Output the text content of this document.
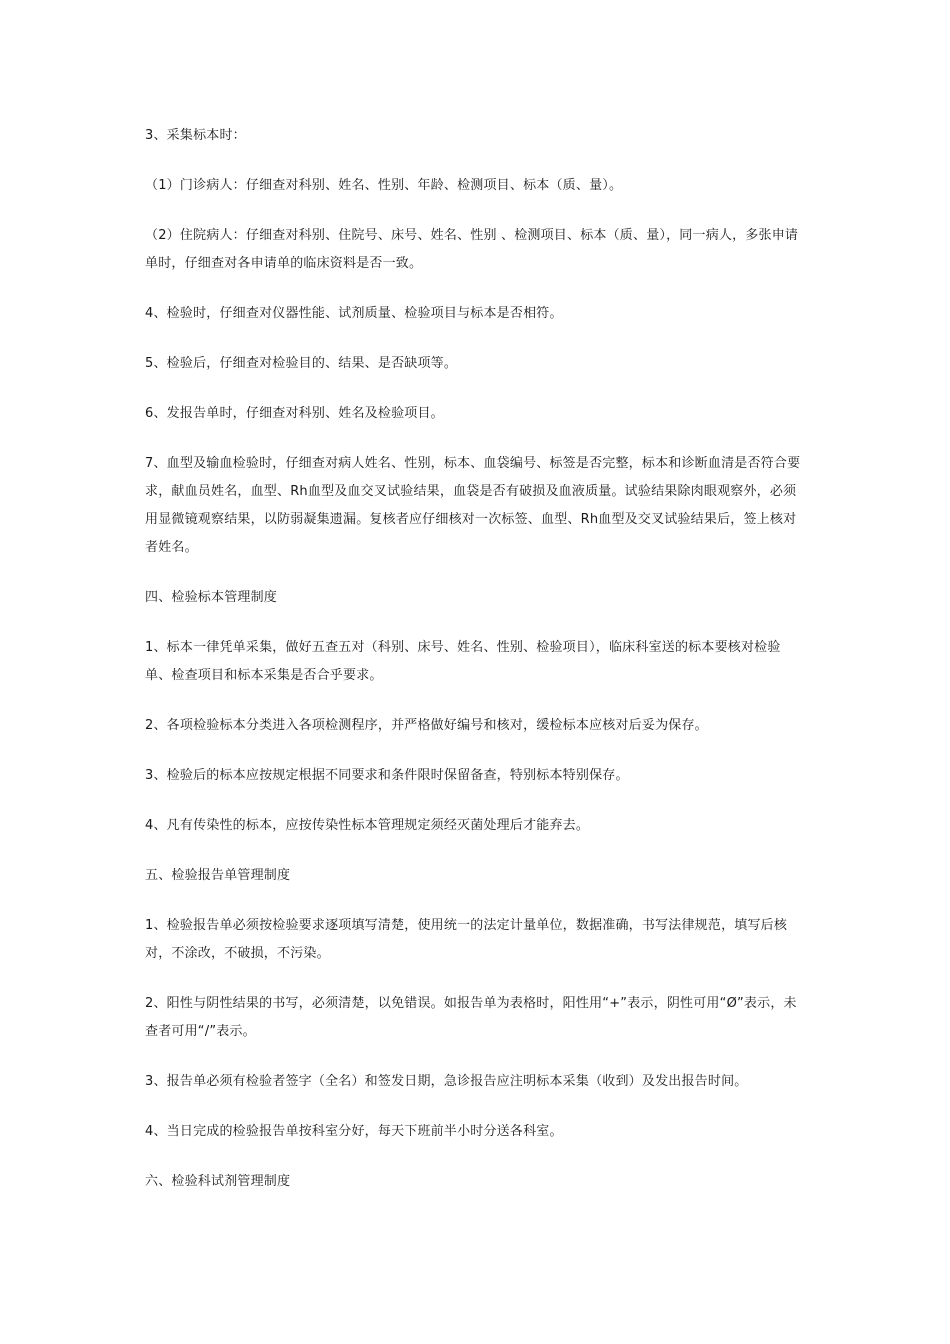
3、采集标本时：

（1）门诊病人：仔细查对科别、姓名、性别、年龄、检测项目、标本（质、量）。

（2）住院病人：仔细查对科别、住院号、床号、姓名、性别 、检测项目、标本（质、量），同一病人，多张申请单时，仔细查对各申请单的临床资料是否一致。

4、检验时，仔细查对仪器性能、试剂质量、检验项目与标本是否相符。

5、检验后，仔细查对检验目的、结果、是否缺项等。

6、发报告单时，仔细查对科别、姓名及检验项目。

7、血型及输血检验时，仔细查对病人姓名、性别，标本、血袋编号、标签是否完整，标本和诊断血清是否符合要求，献血员姓名，血型、Rh血型及血交叉试验结果，血袋是否有破损及血液质量。试验结果除肉眼观察外，必须用显微镜观察结果，以防弱凝集遗漏。复核者应仔细核对一次标签、血型、Rh血型及交叉试验结果后，签上核对者姓名。

四、检验标本管理制度

1、标本一律凭单采集，做好五查五对（科别、床号、姓名、性别、检验项目），临床科室送的标本要核对检验单、检查项目和标本采集是否合乎要求。

2、各项检验标本分类进入各项检测程序，并严格做好编号和核对，缓检标本应核对后妥为保存。

3、检验后的标本应按规定根据不同要求和条件限时保留备查，特别标本特别保存。

4、凡有传染性的标本，应按传染性标本管理规定须经灭菌处理后才能弃去。

五、检验报告单管理制度

1、检验报告单必须按检验要求逐项填写清楚，使用统一的法定计量单位，数据准确，书写法律规范，填写后核对，不涂改，不破损，不污染。

2、阳性与阴性结果的书写，必须清楚，以免错误。如报告单为表格时，阳性用“+”表示，阴性可用“Ø”表示，未查者可用“/”表示。

3、报告单必须有检验者签字（全名）和签发日期，急诊报告应注明标本采集（收到）及发出报告时间。

4、当日完成的检验报告单按科室分好，每天下班前半小时分送各科室。

六、检验科试剂管理制度
